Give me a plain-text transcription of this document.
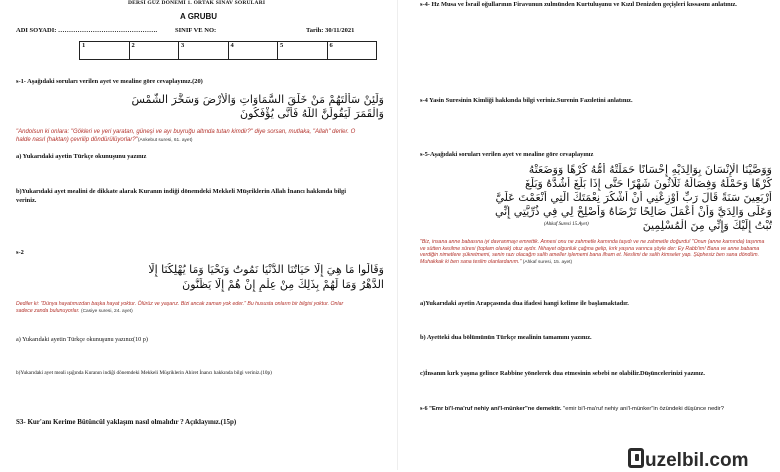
DERSİ GÜZ DÖNEMİ 1. ORTAK SINAV SORULARI
A GRUBU
ADI SOYADI: ……………………………………….	SINIF VE NO:	Tarih: 30/11/2021
1	2	3	4	5	6
s-1- Aşağıdaki soruları verilen ayet ve mealine göre cevaplayınız.(20)
وَلَئِنْ سَأَلْتَهُمْ مَنْ خَلَقَ السَّمَاوَاتِ وَالْأَرْضَ وَسَخَّرَ الشَّمْسَ
وَالْقَمَرَ لَيَقُولُنَّ اللَّهُ فَأَنَّى يُؤْفَكُونَ
"Andolsun ki onlara: "Gökleri ve yeri yaratan, güneşi ve ayı buyruğu altında tutan kimdir?" diye sorsan, mutlaka, "Allah" derler. O halde nasıl (haktan) çevrilip döndürülüyorlar?"(Ankebut suresi, 61. ayet)
a) Yukarıdaki ayetin Türkçe okunuşunu yazınız
b)Yukarıdaki ayet mealini de dikkate alarak Kuranın indiği dönemdeki Mekkeli Müşriklerin Allah İnancı hakkında bilgi veriniz.
s-2
وَقَالُوا مَا هِيَ إِلَّا حَيَاتُنَا الدُّنْيَا نَمُوتُ وَنَحْيَا وَمَا يُهْلِكُنَا إِلَّا
الدَّهْرُ وَمَا لَهُمْ بِذَلِكَ مِنْ عِلْمٍ إِنْ هُمْ إِلَّا يَظُنُّونَ
Dediler ki: "Dünya hayatımızdan başka hayat yoktur. Ölürüz ve yaşarız. Bizi ancak zaman yok eder." Bu hususta onların bir bilgisi yoktur. Onlar sadece zanda bulunuyorlar. (Casiye suresi, 24. ayet)
a) Yukarıdaki ayetin Türkçe okunuşunu yazınız(10 p)
b)Yukarıdaki ayet meali ışığında Kuranın indiği dönemdeki Mekkeli Müşriklerin Ahiret İnancı hakkında bilgi veriniz.(10p)
S3- Kur'anı Kerime Bütüncül yaklaşım nasıl olmalıdır ? Açıklayınız.(15p)
s-4- Hz Musa ve İsrail oğullarının Firavunun zulmünden Kurtuluşunu ve Kızıl Denizden geçişleri kıssasını anlatınız.
s-4 Yasin Suresinin Kimliği hakkında bilgi veriniz.Surenin Fazıletini anlatınız.
s-5-Aşağıdaki soruları verilen ayet ve mealine göre cevaplayınız
وَوَصَّيْنَا الْإِنْسَانَ بِوَالِدَيْهِ إِحْسَانًا حَمَلَتْهُ أُمُّهُ كُرْهًا وَوَضَعَتْهُ
كُرْهًا وَحَمْلُهُ وَفِصَالُهُ ثَلَاثُونَ شَهْرًا حَتَّى إِذَا بَلَغَ أَشُدَّهُ وَبَلَغَ
أَرْبَعِينَ سَنَةً قَالَ رَبِّ أَوْزِعْنِي أَنْ أَشْكُرَ نِعْمَتَكَ الَّتِي أَنْعَمْتَ عَلَيَّ
وَعَلَى وَالِدَيَّ وَأَنْ أَعْمَلَ صَالِحًا تَرْضَاهُ وَأَصْلِحْ لِي فِي ذُرِّيَّتِي إِنِّي
(Ahkaf Suresi 15.Ayet)	تُبْتُ إِلَيْكَ وَإِنِّي مِنَ الْمُسْلِمِينَ
"Biz, insana anne babasına iyi davranmayı emrettik. Annesi onu ne zahmetle karnında taşıdı ve ne zahmetle doğurdu! "Onun (anne karnında) taşınma ve sütten kesilme süresi (toplam olarak) otuz aydır. Nihayet olgunluk çağına gelip, kırk yaşına varınca şöyle der: Ey Rabb'im! Bana ve anne babama verdiğin nimetlere şükretmemi, senin razı olacağın salih ameller işlememi bana ilham et. Neslimi de salih kimseler yap. Şüphesiz ben sana döndüm. Muhakkak ki ben sana teslim olanlardanım." (Ahkaf suresi, 15. ayet)
a)Yukarıdaki ayetin Arapçasında dua ifadesi hangi kelime ile başlamaktadır.
b) Ayetteki dua bölümünün Türkçe mealinin tamamını yazınız.
c)İnsanın kırk yaşına gelince Rabbine yönelerek dua etmesinin sebebi ne olabilir.Düşüncelerinizi yazınız.
s-6 "Emr bi'l-ma'ruf nehiy ani'l-münker"ne demektir. "emir bi'l-ma'ruf nehiy ani'l-münker"in özündeki düşünce nedir?
uzelbil.com
